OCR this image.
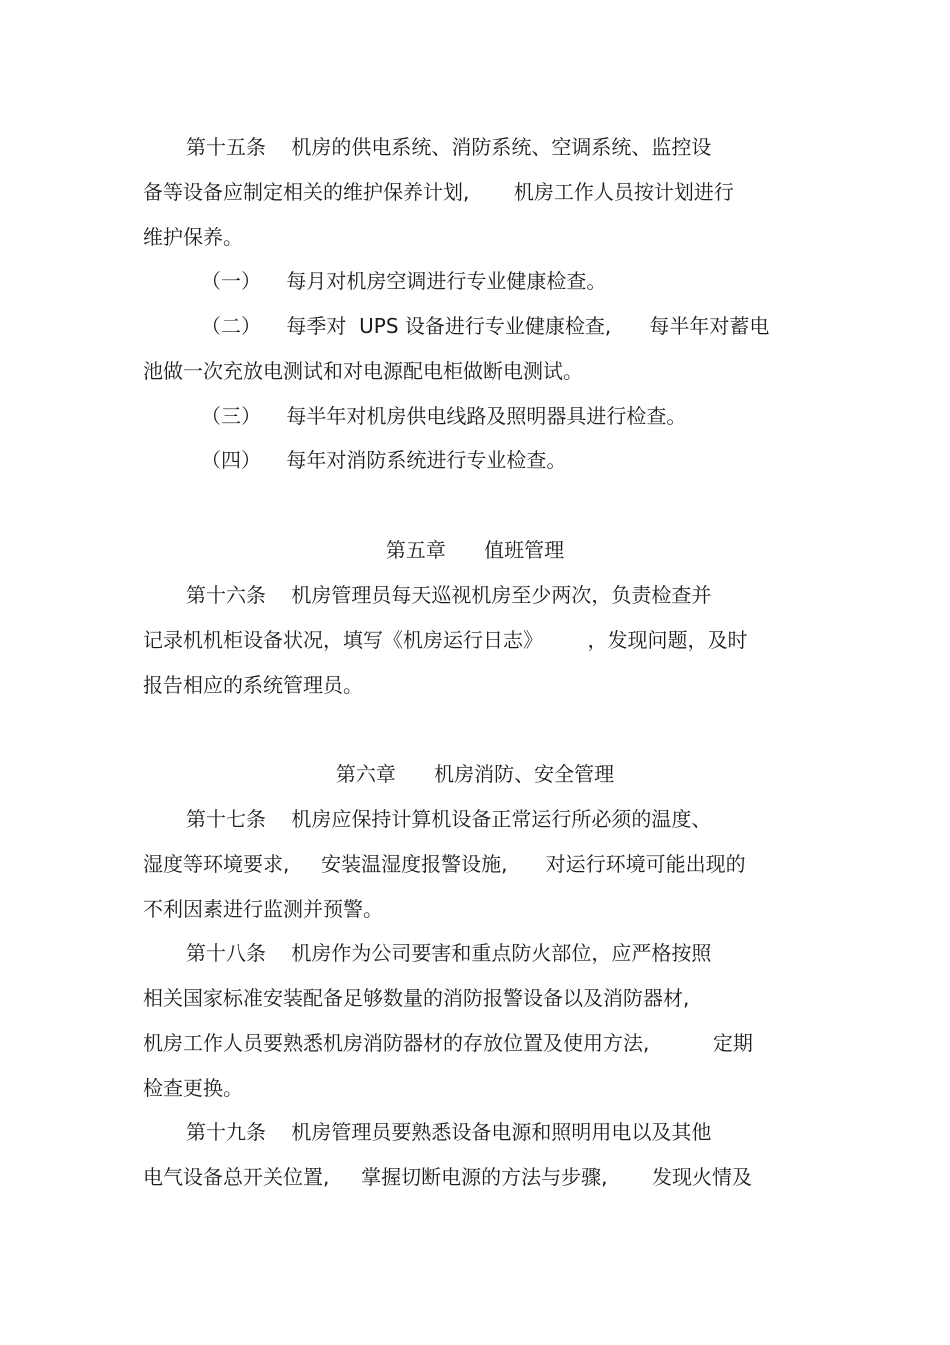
第十五条    机房的供电系统、消防系统、空调系统、监控设
备等设备应制定相关的维护保养计划,       机房工作人员按计划进行
维护保养。
（一）    每月对机房空调进行专业健康检查。
（二）    每季对  UPS 设备进行专业健康检查,      每半年对蓄电
池做一次充放电测试和对电源配电柜做断电测试。
（三）    每半年对机房供电线路及照明器具进行检查。
（四）    每年对消防系统进行专业检查。
第五章      值班管理
第十六条    机房管理员每天巡视机房至少两次，负责检查并
记录机机柜设备状况，填写《机房运行日志》       ，发现问题，及时
报告相应的系统管理员。
第六章      机房消防、安全管理
第十七条    机房应保持计算机设备正常运行所必须的温度、
湿度等环境要求,     安装温湿度报警设施,      对运行环境可能出现的
不利因素进行监测并预警。
第十八条    机房作为公司要害和重点防火部位，应严格按照
相关国家标准安装配备足够数量的消防报警设备以及消防器材,
机房工作人员要熟悉机房消防器材的存放位置及使用方法,          定期
检查更换。
第十九条    机房管理员要熟悉设备电源和照明用电以及其他
电气设备总开关位置,     掌握切断电源的方法与步骤,       发现火情及
